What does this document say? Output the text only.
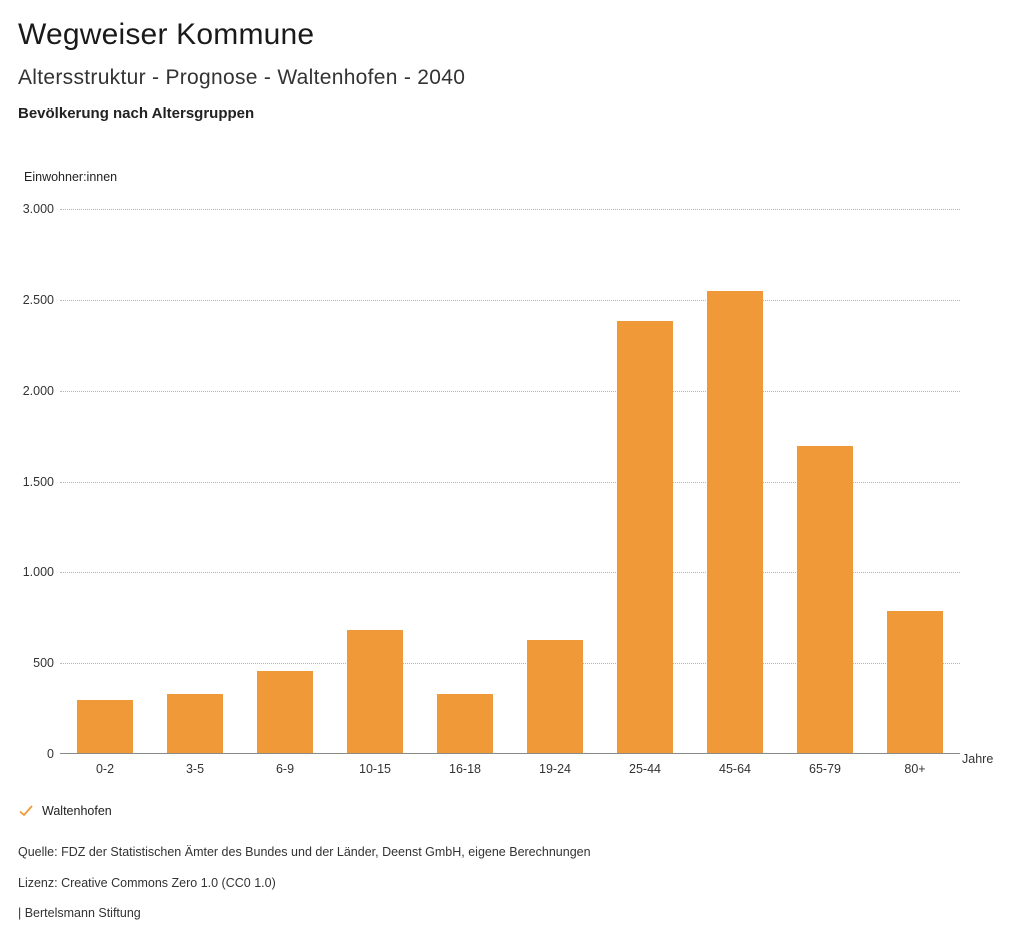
Wegweiser Kommune
Altersstruktur - Prognose - Waltenhofen - 2040
Bevölkerung nach Altersgruppen
Einwohner:innen
0
500
1.000
1.500
2.000
2.500
3.000
0-2	3-5	6-9	10-15	16-18	19-24	25-44	45-64	65-79	80+
Jahre
Waltenhofen
Quelle: FDZ der Statistischen Ämter des Bundes und der Länder, Deenst GmbH, eigene Berechnungen
Lizenz: Creative Commons Zero 1.0 (CC0 1.0)
| Bertelsmann Stiftung
